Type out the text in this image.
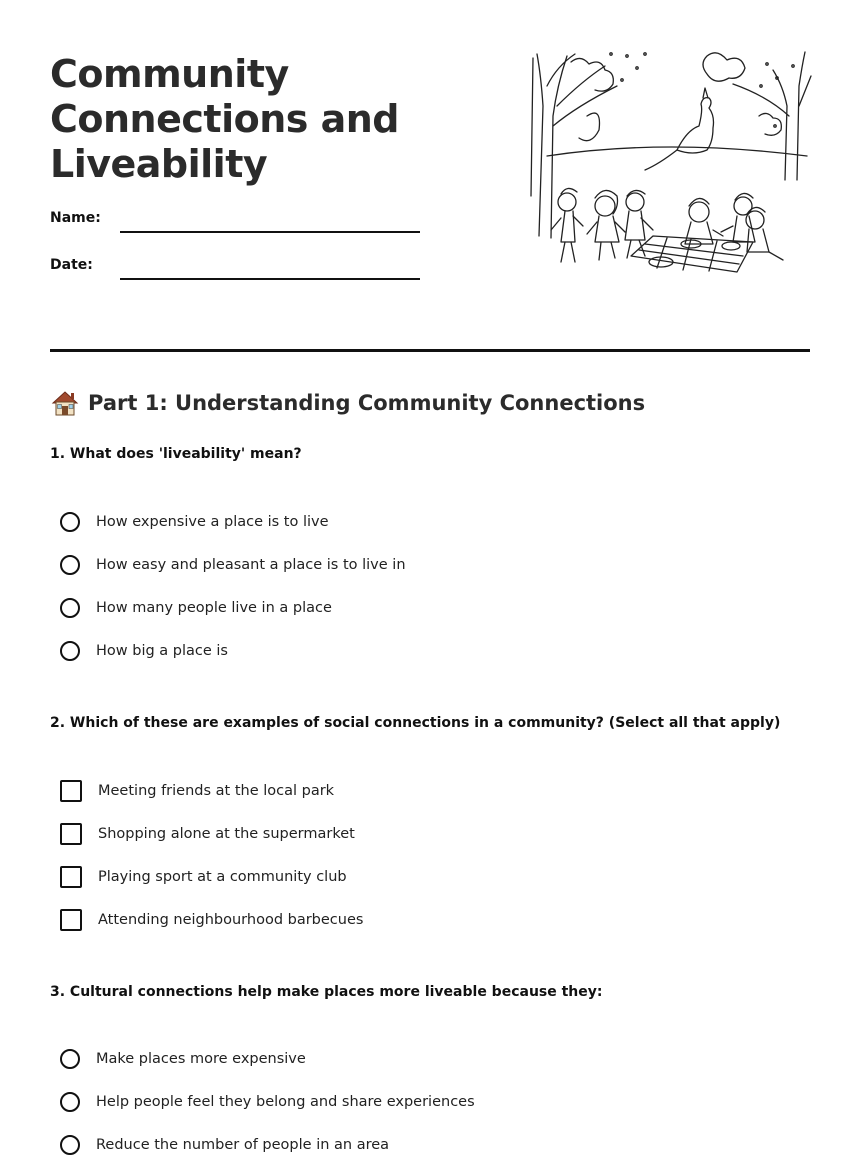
Community Connections and Liveability
Name:
Date:
Part 1: Understanding Community Connections
1. What does 'liveability' mean?
How expensive a place is to live
How easy and pleasant a place is to live in
How many people live in a place
How big a place is
2. Which of these are examples of social connections in a community? (Select all that apply)
Meeting friends at the local park
Shopping alone at the supermarket
Playing sport at a community club
Attending neighbourhood barbecues
3. Cultural connections help make places more liveable because they:
Make places more expensive
Help people feel they belong and share experiences
Reduce the number of people in an area
